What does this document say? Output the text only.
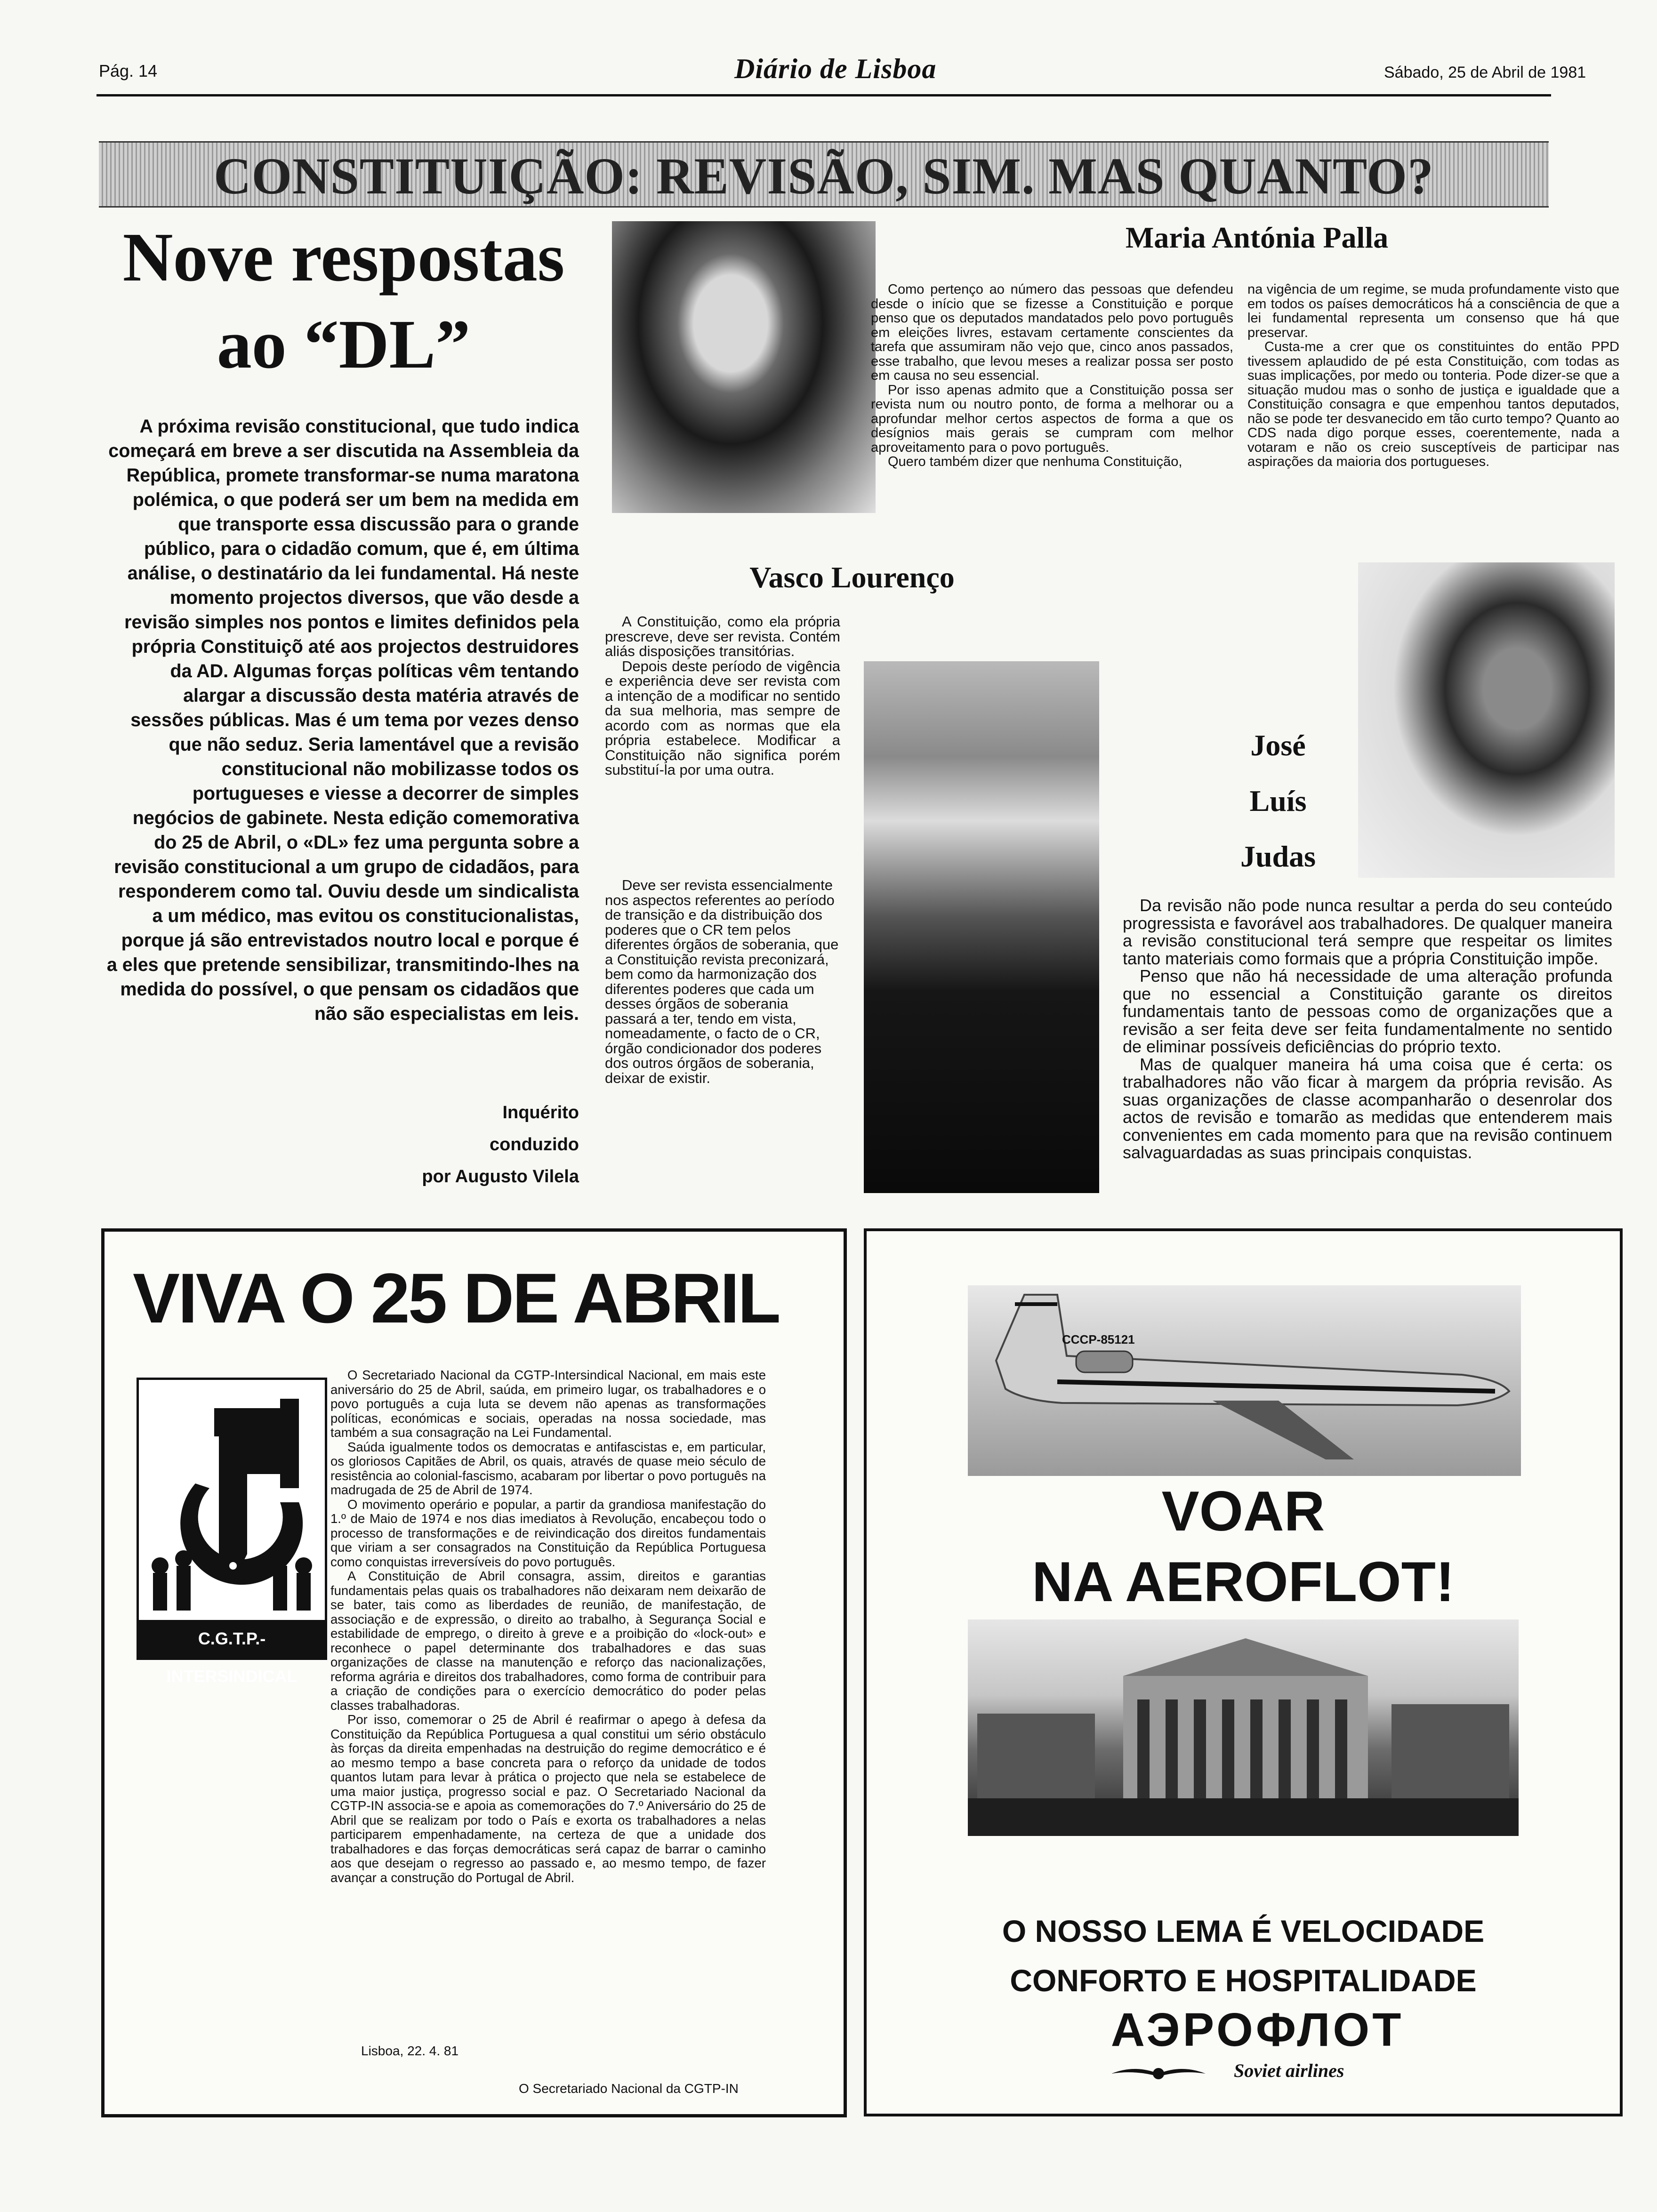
Pág. 14	Diário de Lisboa	Sábado, 25 de Abril de 1981
CONSTITUIÇÃO: REVISÃO, SIM. MAS QUANTO?
Nove respostas
ao “DL”
A próxima revisão constitucional, que tudo indica começará em breve a ser discutida na Assembleia da República, promete transformar-se numa maratona polémica, o que poderá ser um bem na medida em que transporte essa discussão para o grande público, para o cidadão comum, que é, em última análise, o destinatário da lei fundamental. Há neste momento projectos diversos, que vão desde a revisão simples nos pontos e limites definidos pela própria Constituiçõ até aos projectos destruidores da AD. Algumas forças políticas vêm tentando alargar a discussão desta matéria através de sessões públicas. Mas é um tema por vezes denso que não seduz. Seria lamentável que a revisão constitucional não mobilizasse todos os portugueses e viesse a decorrer de simples negócios de gabinete. Nesta edição comemorativa do 25 de Abril, o «DL» fez uma pergunta sobre a revisão constitucional a um grupo de cidadãos, para responderem como tal. Ouviu desde um sindicalista a um médico, mas evitou os constitucionalistas, porque já são entrevistados noutro local e porque é a eles que pretende sensibilizar, transmitindo-lhes na medida do possível, o que pensam os cidadãos que não são especialistas em leis.
Inquérito
conduzido
por Augusto Vilela
Maria Antónia Palla

Como pertenço ao número das pessoas que defendeu desde o início que se fizesse a Constituição e porque penso que os deputados mandatados pelo povo português em eleições livres, estavam certamente conscientes da tarefa que assumiram não vejo que, cinco anos passados, esse trabalho, que levou meses a realizar possa ser posto em causa no seu essencial.

Por isso apenas admito que a Constituição possa ser revista num ou noutro ponto, de forma a melhorar ou a aprofundar melhor certos aspectos de forma a que os desígnios mais gerais se cumpram com melhor aproveitamento para o povo português.

Quero também dizer que nenhuma Constituição,

na vigência de um regime, se muda profundamente visto que em todos os países democráticos há a consciência de que a lei fundamental representa um consenso que há que preservar.

Custa-me a crer que os constituintes do então PPD tivessem aplaudido de pé esta Constituição, com todas as suas implicações, por medo ou tonteria. Pode dizer-se que a situação mudou mas o sonho de justiça e igualdade que a Constituição consagra e que empenhou tantos deputados, não se pode ter desvanecido em tão curto tempo? Quanto ao CDS nada digo porque esses, coerentemente, nada a votaram e não os creio susceptíveis de participar nas aspirações da maioria dos portugueses.

Vasco Lourenço

A Constituição, como ela própria prescreve, deve ser revista. Contém aliás disposições transitórias.

Depois deste período de vigência e experiência deve ser revista com a intenção de a modificar no sentido da sua melhoria, mas sempre de acordo com as normas que ela própria estabelece. Modificar a Constituição não significa porém substituí-la por uma outra.

Deve ser revista essencialmente nos aspectos referentes ao período de transição e da distribuição dos poderes que o CR tem pelos diferentes órgãos de soberania, que a Constituição revista preconizará, bem como da harmonização dos diferentes poderes que cada um desses órgãos de soberania passará a ter, tendo em vista, nomeadamente, o facto de o CR, órgão condicionador dos poderes dos outros órgãos de soberania, deixar de existir.

José
Luís
Judas

Da revisão não pode nunca resultar a perda do seu conteúdo progressista e favorável aos trabalhadores. De qualquer maneira a revisão constitucional terá sempre que respeitar os limites tanto materiais como formais que a própria Constituição impõe.

Penso que não há necessidade de uma alteração profunda que no essencial a Constituição garante os direitos fundamentais tanto de pessoas como de organizações que a revisão a ser feita deve ser feita fundamentalmente no sentido de eliminar possíveis deficiências do próprio texto.

Mas de qualquer maneira há uma coisa que é certa: os trabalhadores não vão ficar à margem da própria revisão. As suas organizações de classe acompanharão o desenrolar dos actos de revisão e tomarão as medidas que entenderem mais convenientes em cada momento para que na revisão continuem salvaguardadas as suas principais conquistas.

VIVA O 25 DE ABRIL
C.G.T.P.-INTERSINDICAL

O Secretariado Nacional da CGTP-Intersindical Nacional, em mais este aniversário do 25 de Abril, saúda, em primeiro lugar, os trabalhadores e o povo português a cuja luta se devem não apenas as transformações políticas, económicas e sociais, operadas na nossa sociedade, mas também a sua consagração na Lei Fundamental.

Saúda igualmente todos os democratas e antifascistas e, em particular, os gloriosos Capitães de Abril, os quais, através de quase meio século de resistência ao colonial-fascismo, acabaram por libertar o povo português na madrugada de 25 de Abril de 1974.

O movimento operário e popular, a partir da grandiosa manifestação do 1.º de Maio de 1974 e nos dias imediatos à Revolução, encabeçou todo o processo de transformações e de reivindicação dos direitos fundamentais que viriam a ser consagrados na Constituição da República Portuguesa como conquistas irreversíveis do povo português.

A Constituição de Abril consagra, assim, direitos e garantias fundamentais pelas quais os trabalhadores não deixaram nem deixarão de se bater, tais como as liberdades de reunião, de manifestação, de associação e de expressão, o direito ao trabalho, à Segurança Social e estabilidade de emprego, o direito à greve e a proibição do «lock-out» e reconhece o papel determinante dos trabalhadores e das suas organizações de classe na manutenção e reforço das nacionalizações, reforma agrária e direitos dos trabalhadores, como forma de contribuir para a criação de condições para o exercício democrático do poder pelas classes trabalhadoras.

Por isso, comemorar o 25 de Abril é reafirmar o apego à defesa da Constituição da República Portuguesa a qual constitui um sério obstáculo às forças da direita empenhadas na destruição do regime democrático e é ao mesmo tempo a base concreta para o reforço da unidade de todos quantos lutam para levar à prática o projecto que nela se estabelece de uma maior justiça, progresso social e paz. O Secretariado Nacional da CGTP-IN associa-se e apoia as comemorações do 7.º Aniversário do 25 de Abril que se realizam por todo o País e exorta os trabalhadores a nelas participarem empenhadamente, na certeza de que a unidade dos trabalhadores e das forças democráticas será capaz de barrar o caminho aos que desejam o regresso ao passado e, ao mesmo tempo, de fazer avançar a construção do Portugal de Abril.

Lisboa, 22. 4. 81
O Secretariado Nacional da CGTP-IN
CCCP-85121
VOAR
NA AEROFLOT!
O NOSSO LEMA É VELOCIDADE
CONFORTO E HOSPITALIDADE
АЭРОФЛОТ
Soviet airlines
